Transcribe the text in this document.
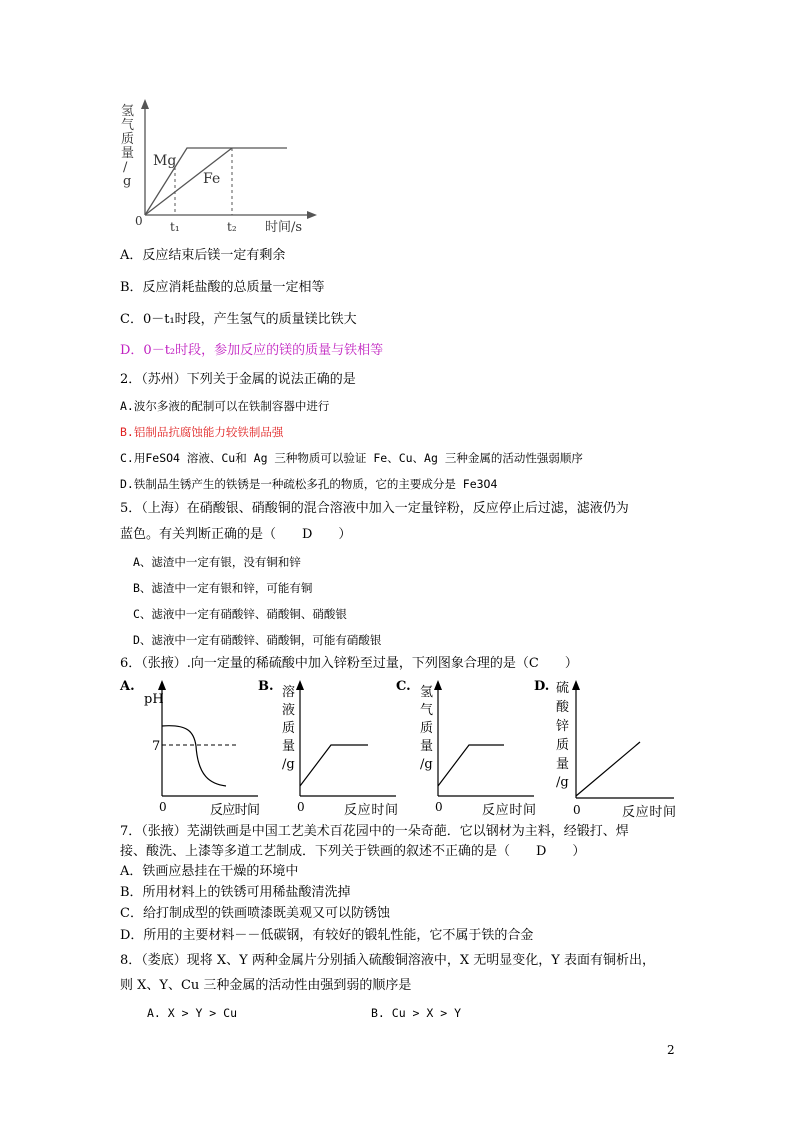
氢
气
质
量
/
g
Mg
Fe
0 t₁	t₂ 时间/s
A．反应结束后镁一定有剩余
B．反应消耗盐酸的总质量一定相等
C．0－t₁时段，产生氢气的质量镁比铁大
D．0－t₂时段，参加反应的镁的质量与铁相等
2．（苏州）下列关于金属的说法正确的是
A.波尔多液的配制可以在铁制容器中进行
B.铝制品抗腐蚀能力较铁制品强
C.用FeSO4 溶液、Cu和 Ag 三种物质可以验证 Fe、Cu、Ag 三种金属的活动性强弱顺序
D.铁制品生锈产生的铁锈是一种疏松多孔的物质，它的主要成分是 Fe3O4
5．（上海）在硝酸银、硝酸铜的混合溶液中加入一定量锌粉，反应停止后过滤，滤液仍为
蓝色。有关判断正确的是（　　D　　）
A、滤渣中一定有银，没有铜和锌
B、滤渣中一定有银和锌，可能有铜
C、滤液中一定有硝酸锌、硝酸铜、硝酸银
D、滤液中一定有硝酸锌、硝酸铜，可能有硝酸银
6．（张掖）.向一定量的稀硫酸中加入锌粉至过量，下列图象合理的是（C　　）
A.
pH
7
0	反应时间
B. 溶
液
质
量
/g
0	反应时间
C. 氢
气
质
量
/g
0	反应时间
D. 硫
酸
锌
质
量
/g
0	反应时间
7．（张掖）芜湖铁画是中国工艺美术百花园中的一朵奇葩．它以钢材为主料，经锻打、焊
接、酸洗、上漆等多道工艺制成．下列关于铁画的叙述不正确的是（　　D　　）
A．铁画应悬挂在干燥的环境中
B．所用材料上的铁锈可用稀盐酸清洗掉
C．给打制成型的铁画喷漆既美观又可以防锈蚀
D．所用的主要材料－－低碳钢，有较好的锻轧性能，它不属于铁的合金
8．（娄底）现将 X、Y 两种金属片分别插入硫酸铜溶液中，X 无明显变化，Y 表面有铜析出，
则 X、Y、Cu 三种金属的活动性由强到弱的顺序是
A. X > Y > Cu	B. Cu > X > Y
2
